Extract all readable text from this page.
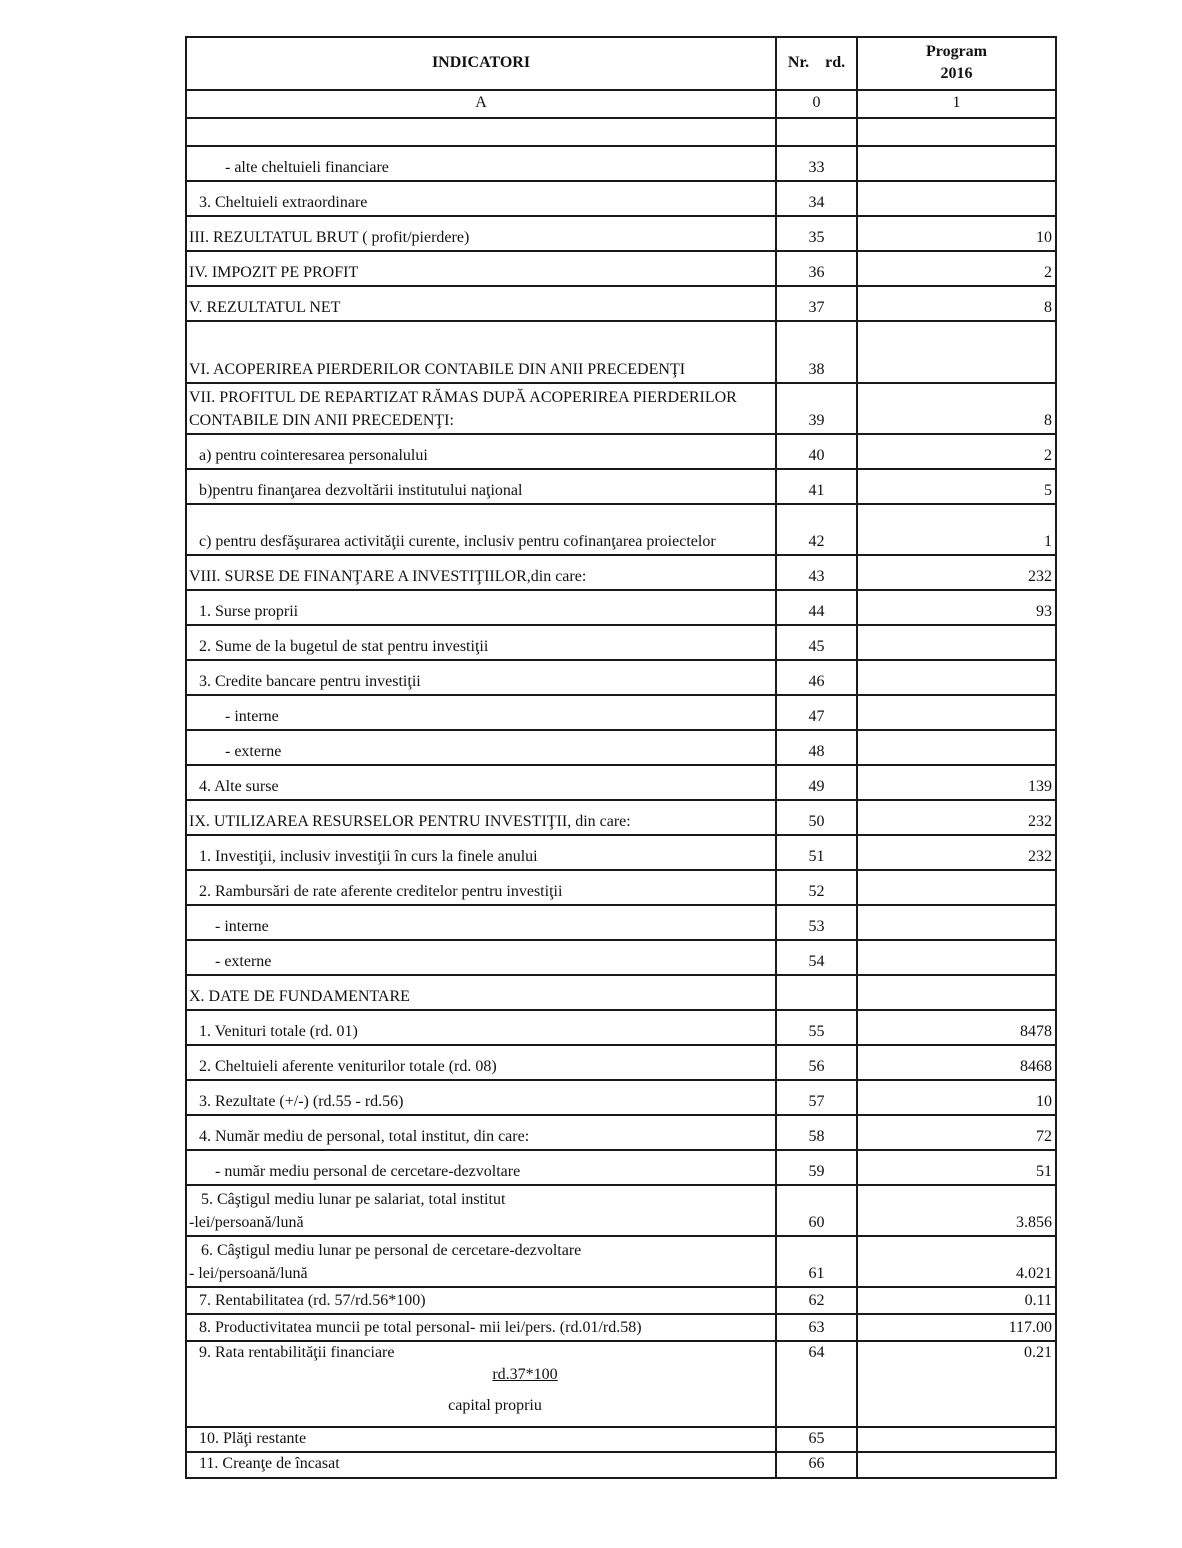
INDICATORI	Nr.    rd.	Program
2016

A	0	1

- alte cheltuieli financiare	33	
3. Cheltuieli extraordinare	34	
III. REZULTATUL BRUT ( profit/pierdere)	35	10
IV. IMPOZIT PE PROFIT	36	2
V. REZULTATUL NET	37	8
VI. ACOPERIREA PIERDERILOR CONTABILE DIN ANII PRECEDENŢI	38	
VII. PROFITUL DE REPARTIZAT RĂMAS DUPĂ ACOPERIREA PIERDERILOR CONTABILE DIN ANII PRECEDENŢI:	39	8
a) pentru cointeresarea personalului	40	2
b)pentru finanţarea dezvoltării institutului naţional	41	5
c) pentru desfăşurarea activităţii curente, inclusiv pentru cofinanţarea proiectelor	42	1
VIII. SURSE DE FINANŢARE A INVESTIŢIILOR,din care:	43	232
1. Surse proprii	44	93
2. Sume de la bugetul de stat pentru investiţii	45	
3. Credite bancare pentru investiţii	46	
- interne	47	
- externe	48	
4. Alte surse	49	139
IX. UTILIZAREA RESURSELOR PENTRU INVESTIŢII, din care:	50	232
1. Investiţii, inclusiv investiţii în curs la finele anului	51	232
2. Rambursări de rate aferente creditelor pentru investiţii	52	
- interne	53	
- externe	54	
X. DATE DE FUNDAMENTARE		
1. Venituri totale (rd. 01)	55	8478
2. Cheltuieli aferente veniturilor totale (rd. 08)	56	8468
3. Rezultate (+/-) (rd.55 - rd.56)	57	10
4. Număr mediu de personal, total institut, din care:	58	72
- număr mediu personal de cercetare-dezvoltare	59	51

5. Câştigul mediu lunar pe salariat, total institut
-lei/persoană/lună	60	3.856

6. Câştigul mediu lunar pe personal de cercetare-dezvoltare
- lei/persoană/lună	61	4.021
7. Rentabilitatea (rd. 57/rd.56*100)	62	0.11
8. Productivitatea muncii pe total personal- mii lei/pers. (rd.01/rd.58)	63	117.00

9. Rata rentabilităţii financiare
rd.37*100
capital propriu	64	0.21
10. Plăţi restante	65	
11. Creanţe de încasat	66	
